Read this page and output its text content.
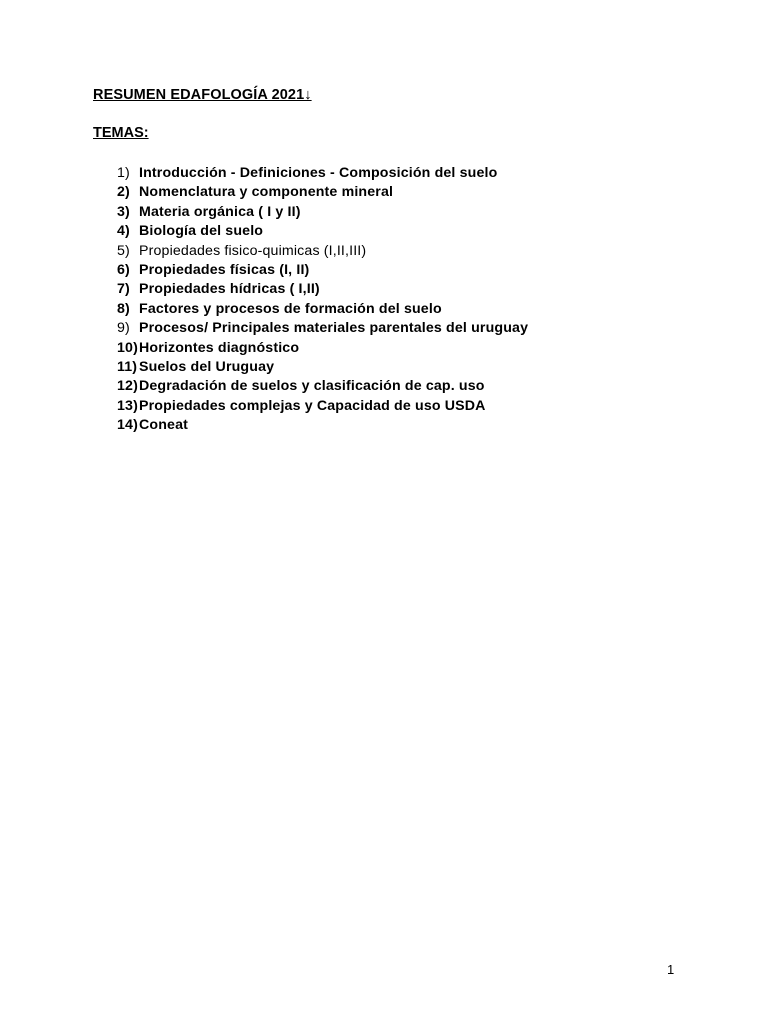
RESUMEN EDAFOLOGÍA 2021↓
TEMAS:
1) Introducción - Definiciones - Composición del suelo
2) Nomenclatura y componente mineral
3) Materia orgánica ( I y II)
4) Biología del suelo
5) Propiedades fisico-quimicas (I,II,III)
6) Propiedades físicas (I, II)
7) Propiedades hídricas ( I,II)
8) Factores y procesos de formación del suelo
9) Procesos/ Principales materiales parentales del uruguay
10)Horizontes diagnóstico
11) Suelos del Uruguay
12)Degradación de suelos y clasificación de cap. uso
13)Propiedades complejas y Capacidad de uso USDA
14)Coneat
1
